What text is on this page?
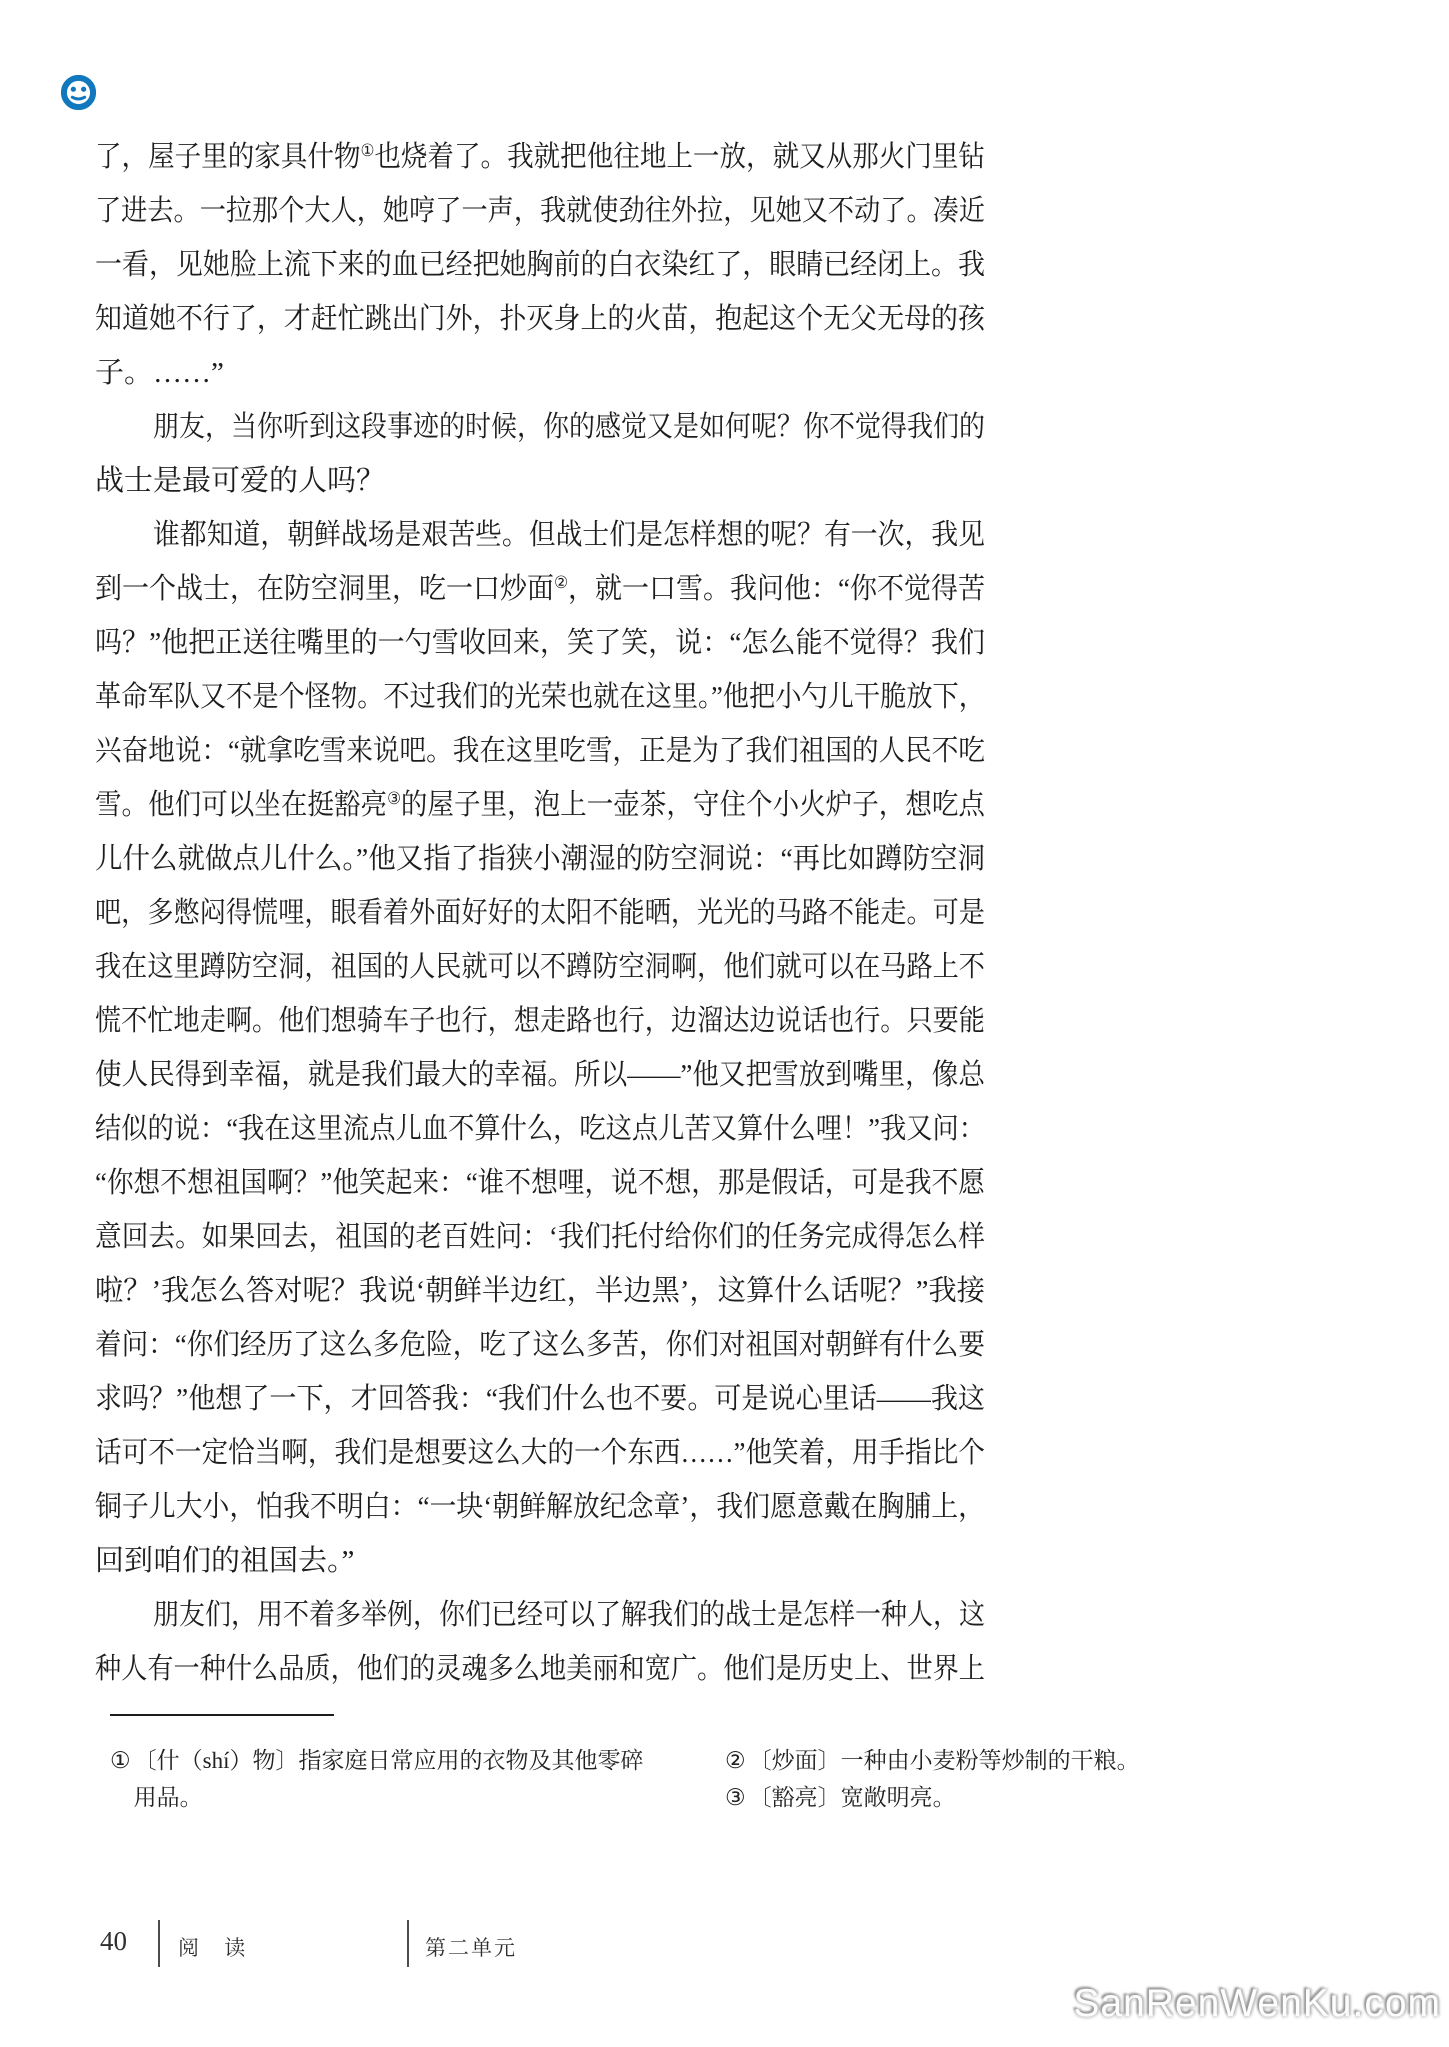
了，屋子里的家具什物①也烧着了。我就把他往地上一放，就又从那火门里钻
了进去。一拉那个大人，她哼了一声，我就使劲往外拉，见她又不动了。凑近
一看，见她脸上流下来的血已经把她胸前的白衣染红了，眼睛已经闭上。我
知道她不行了，才赶忙跳出门外，扑灭身上的火苗，抱起这个无父无母的孩
子。……”
朋友，当你听到这段事迹的时候，你的感觉又是如何呢？你不觉得我们的
战士是最可爱的人吗？
谁都知道，朝鲜战场是艰苦些。但战士们是怎样想的呢？有一次，我见
到一个战士，在防空洞里，吃一口炒面②，就一口雪。我问他：“你不觉得苦
吗？”他把正送往嘴里的一勺雪收回来，笑了笑，说：“怎么能不觉得？我们
革命军队又不是个怪物。不过我们的光荣也就在这里。”他把小勺儿干脆放下，
兴奋地说：“就拿吃雪来说吧。我在这里吃雪，正是为了我们祖国的人民不吃
雪。他们可以坐在挺豁亮③的屋子里，泡上一壶茶，守住个小火炉子，想吃点
儿什么就做点儿什么。”他又指了指狭小潮湿的防空洞说：“再比如蹲防空洞
吧，多憋闷得慌哩，眼看着外面好好的太阳不能晒，光光的马路不能走。可是
我在这里蹲防空洞，祖国的人民就可以不蹲防空洞啊，他们就可以在马路上不
慌不忙地走啊。他们想骑车子也行，想走路也行，边溜达边说话也行。只要能
使人民得到幸福，就是我们最大的幸福。所以——”他又把雪放到嘴里，像总
结似的说：“我在这里流点儿血不算什么，吃这点儿苦又算什么哩！”我又问：
“你想不想祖国啊？”他笑起来：“谁不想哩，说不想，那是假话，可是我不愿
意回去。如果回去，祖国的老百姓问：‘我们托付给你们的任务完成得怎么样
啦？’我怎么答对呢？我说‘朝鲜半边红，半边黑’，这算什么话呢？”我接
着问：“你们经历了这么多危险，吃了这么多苦，你们对祖国对朝鲜有什么要
求吗？”他想了一下，才回答我：“我们什么也不要。可是说心里话——我这
话可不一定恰当啊，我们是想要这么大的一个东西……”他笑着，用手指比个
铜子儿大小，怕我不明白：“一块‘朝鲜解放纪念章’，我们愿意戴在胸脯上，
回到咱们的祖国去。”
朋友们，用不着多举例，你们已经可以了解我们的战士是怎样一种人，这
种人有一种什么品质，他们的灵魂多么地美丽和宽广。他们是历史上、世界上
① 〔什（shí）物〕指家庭日常应用的衣物及其他零碎用品。
② 〔炒面〕一种由小麦粉等炒制的干粮。
③ 〔豁亮〕宽敞明亮。
40 阅 读	第二单元
SanRenWenKu.com
